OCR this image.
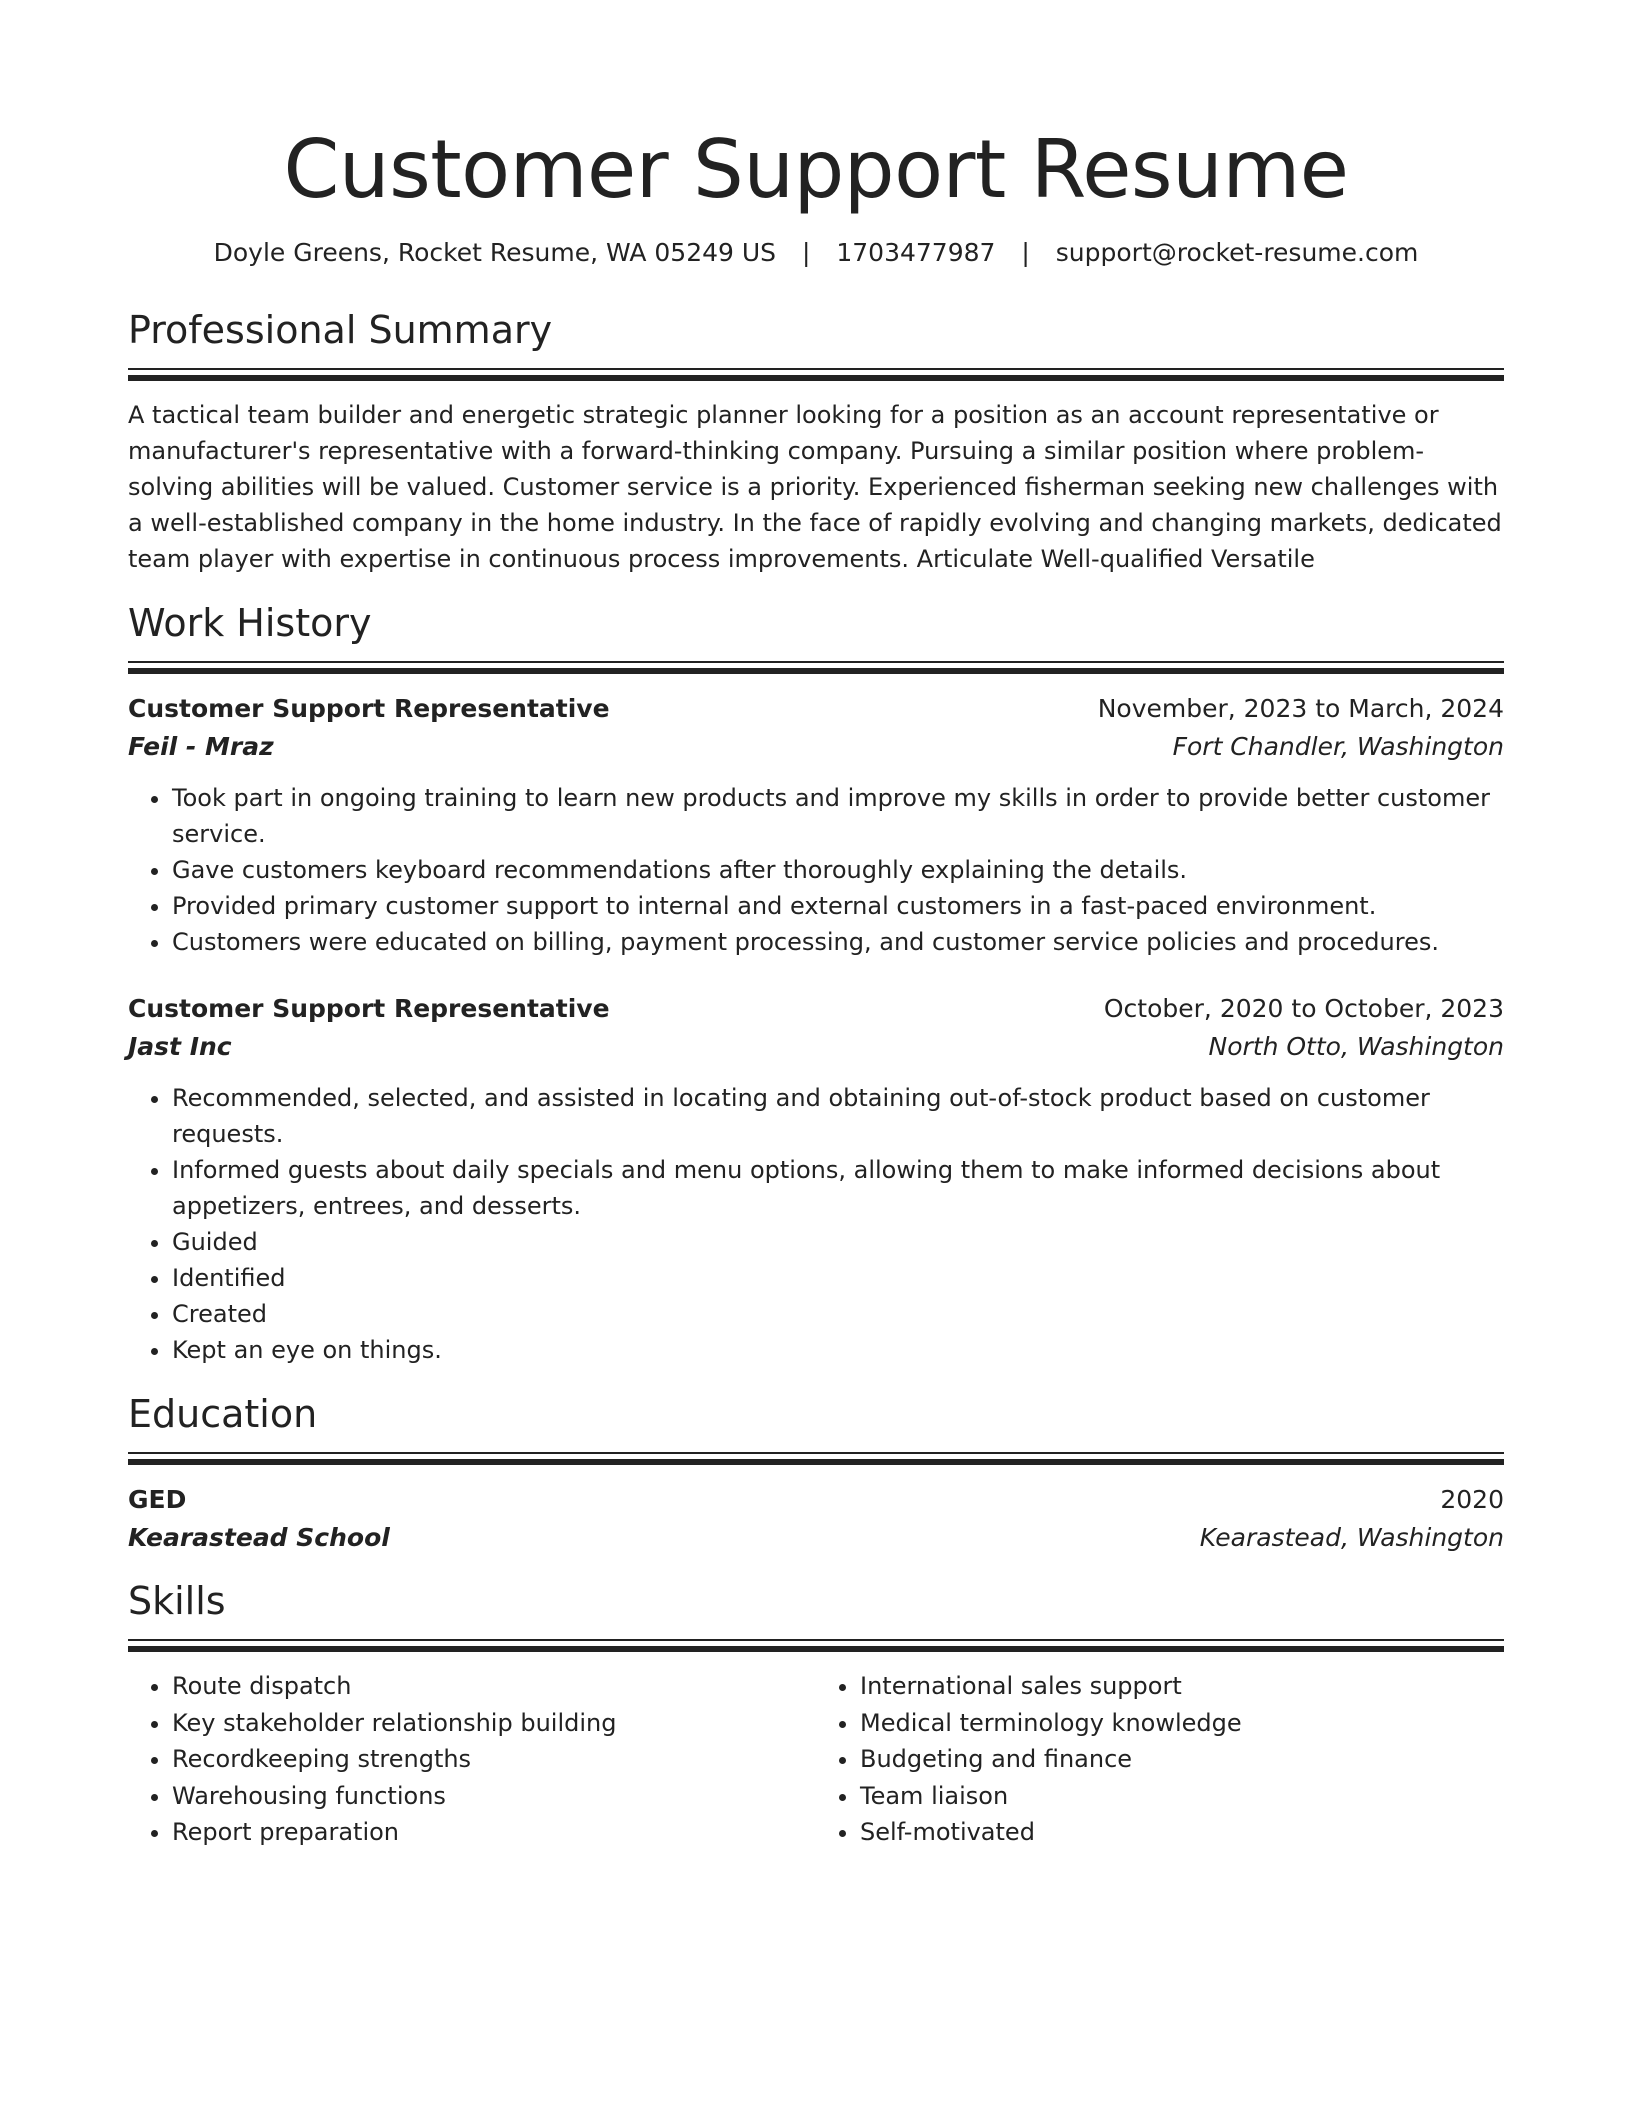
Customer Support Resume
Doyle Greens, Rocket Resume, WA 05249 US | 1703477987 | support@rocket-resume.com
Professional Summary
A tactical team builder and energetic strategic planner looking for a position as an account representative or manufacturer's representative with a forward-thinking company. Pursuing a similar position where problem-solving abilities will be valued. Customer service is a priority. Experienced fisherman seeking new challenges with a well-established company in the home industry. In the face of rapidly evolving and changing markets, dedicated team player with expertise in continuous process improvements. Articulate Well-qualified Versatile
Work History
Customer Support Representative	November, 2023 to March, 2024
Feil - Mraz	Fort Chandler, Washington
• Took part in ongoing training to learn new products and improve my skills in order to provide better customer service.
• Gave customers keyboard recommendations after thoroughly explaining the details.
• Provided primary customer support to internal and external customers in a fast-paced environment.
• Customers were educated on billing, payment processing, and customer service policies and procedures.
Customer Support Representative	October, 2020 to October, 2023
Jast Inc	North Otto, Washington
• Recommended, selected, and assisted in locating and obtaining out-of-stock product based on customer requests.
• Informed guests about daily specials and menu options, allowing them to make informed decisions about appetizers, entrees, and desserts.
• Guided
• Identified
• Created
• Kept an eye on things.
Education
GED	2020
Kearastead School	Kearastead, Washington
Skills
• Route dispatch
• Key stakeholder relationship building
• Recordkeeping strengths
• Warehousing functions
• Report preparation
• International sales support
• Medical terminology knowledge
• Budgeting and finance
• Team liaison
• Self-motivated
